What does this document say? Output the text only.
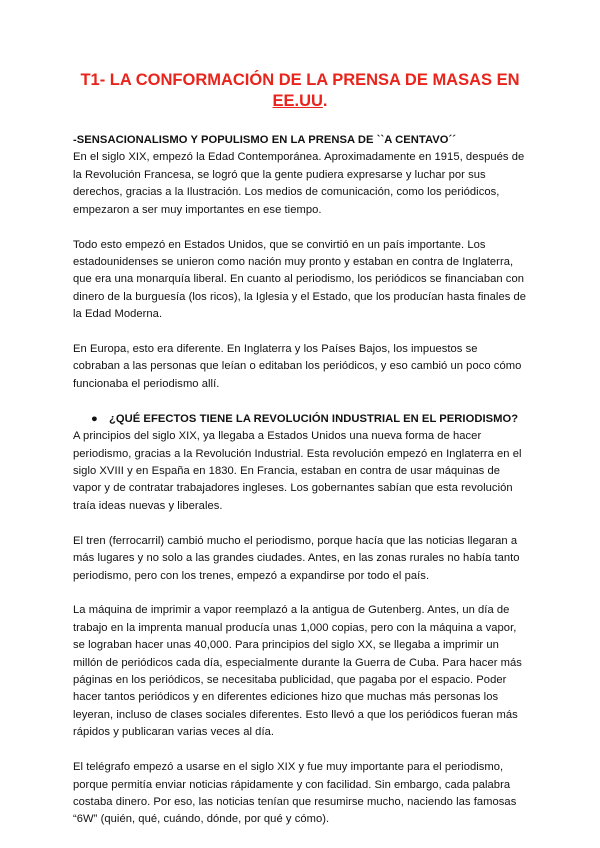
T1- LA CONFORMACIÓN DE LA PRENSA DE MASAS EN
EE.UU.
-SENSACIONALISMO Y POPULISMO EN LA PRENSA DE ``A CENTAVO´´

En el siglo XIX, empezó la Edad Contemporánea. Aproximadamente en 1915, después de la Revolución Francesa, se logró que la gente pudiera expresarse y luchar por sus derechos, gracias a la Ilustración. Los medios de comunicación, como los periódicos, empezaron a ser muy importantes en ese tiempo.

Todo esto empezó en Estados Unidos, que se convirtió en un país importante. Los estadounidenses se unieron como nación muy pronto y estaban en contra de Inglaterra, que era una monarquía liberal. En cuanto al periodismo, los periódicos se financiaban con dinero de la burguesía (los ricos), la Iglesia y el Estado, que los producían hasta finales de la Edad Moderna.

En Europa, esto era diferente. En Inglaterra y los Países Bajos, los impuestos se cobraban a las personas que leían o editaban los periódicos, y eso cambió un poco cómo funcionaba el periodismo allí.

● ¿QUÉ EFECTOS TIENE LA REVOLUCIÓN INDUSTRIAL EN EL PERIODISMO?

A principios del siglo XIX, ya llegaba a Estados Unidos una nueva forma de hacer periodismo, gracias a la Revolución Industrial. Esta revolución empezó en Inglaterra en el siglo XVIII y en España en 1830. En Francia, estaban en contra de usar máquinas de vapor y de contratar trabajadores ingleses. Los gobernantes sabían que esta revolución traía ideas nuevas y liberales.

El tren (ferrocarril) cambió mucho el periodismo, porque hacía que las noticias llegaran a más lugares y no solo a las grandes ciudades. Antes, en las zonas rurales no había tanto periodismo, pero con los trenes, empezó a expandirse por todo el país.

La máquina de imprimir a vapor reemplazó a la antigua de Gutenberg. Antes, un día de trabajo en la imprenta manual producía unas 1,000 copias, pero con la máquina a vapor, se lograban hacer unas 40,000. Para principios del siglo XX, se llegaba a imprimir un millón de periódicos cada día, especialmente durante la Guerra de Cuba. Para hacer más páginas en los periódicos, se necesitaba publicidad, que pagaba por el espacio. Poder hacer tantos periódicos y en diferentes ediciones hizo que muchas más personas los leyeran, incluso de clases sociales diferentes. Esto llevó a que los periódicos fueran más rápidos y publicaran varias veces al día.

El telégrafo empezó a usarse en el siglo XIX y fue muy importante para el periodismo, porque permitía enviar noticias rápidamente y con facilidad. Sin embargo, cada palabra costaba dinero. Por eso, las noticias tenían que resumirse mucho, naciendo las famosas “6W” (quién, qué, cuándo, dónde, por qué y cómo).
